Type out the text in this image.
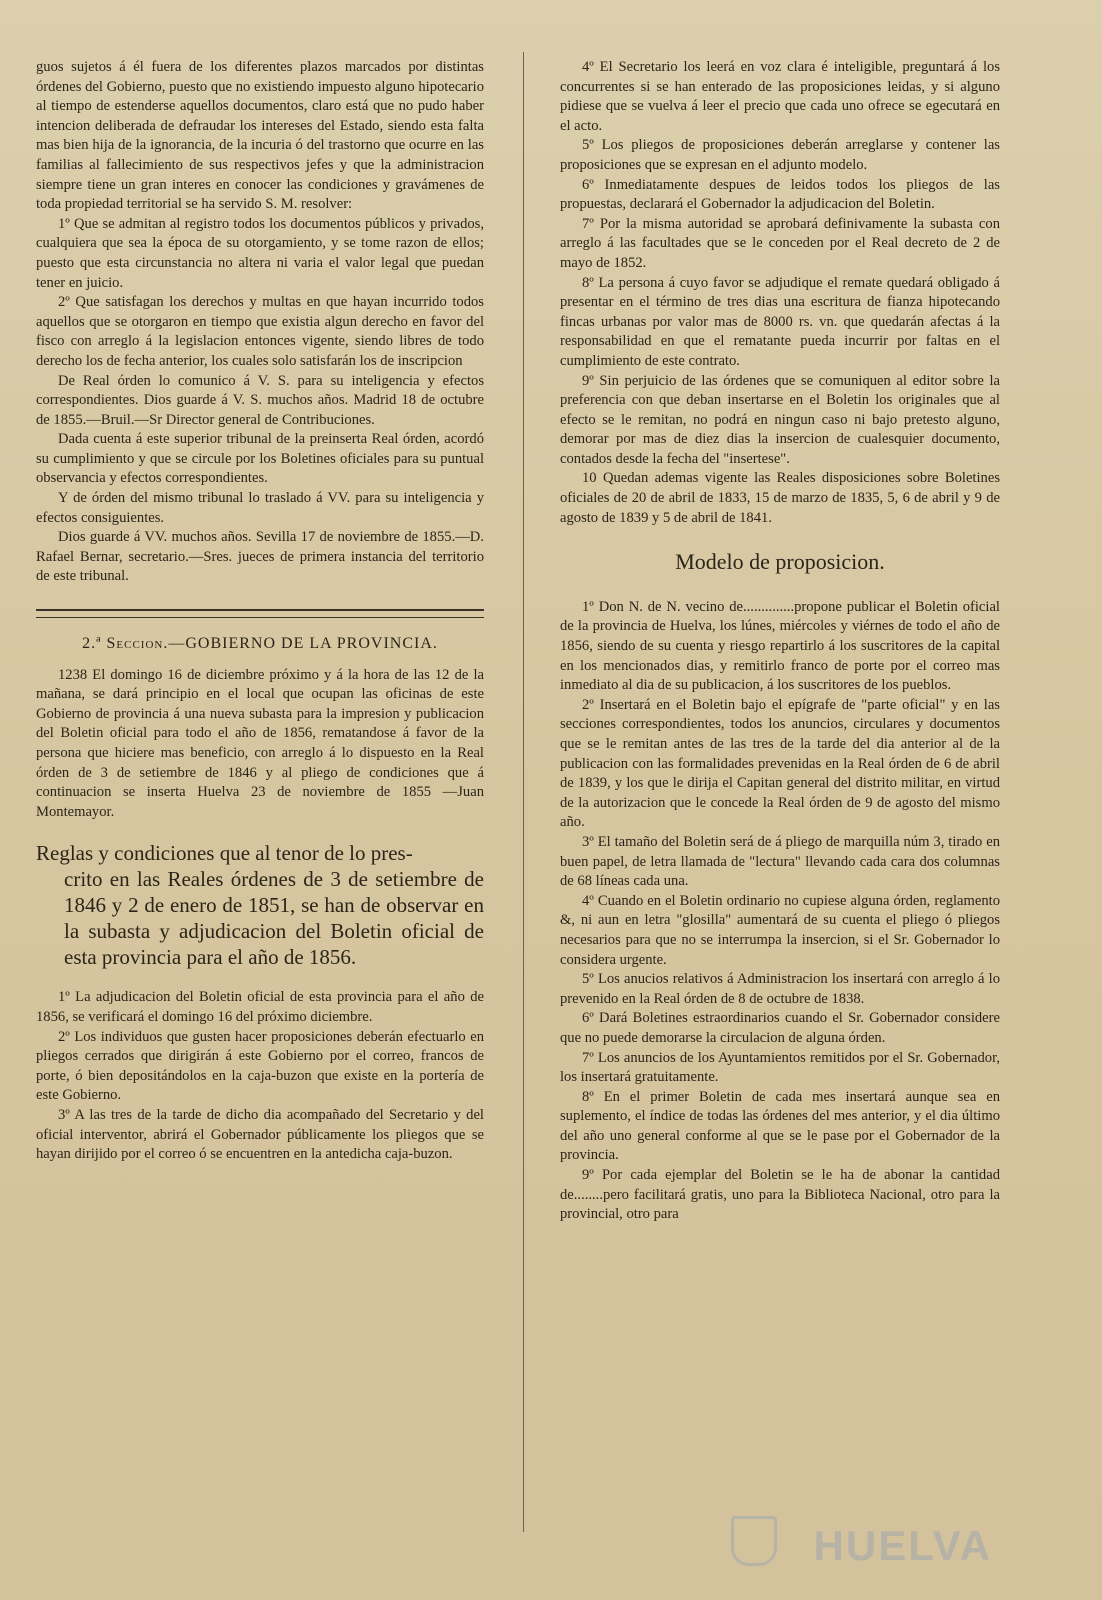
guos sujetos á él fuera de los diferentes plazos marcados por distintas órdenes del Gobierno, puesto que no existiendo impuesto alguno hipotecario al tiempo de estenderse aquellos documentos, claro está que no pudo haber intencion deliberada de defraudar los intereses del Estado, siendo esta falta mas bien hija de la ignorancia, de la incuria ó del trastorno que ocurre en las familias al fallecimiento de sus respectivos jefes y que la administracion siempre tiene un gran interes en conocer las condiciones y gravámenes de toda propiedad territorial se ha servido S. M. resolver:

1º Que se admitan al registro todos los documentos públicos y privados, cualquiera que sea la época de su otorgamiento, y se tome razon de ellos; puesto que esta circunstancia no altera ni varia el valor legal que puedan tener en juicio.

2º Que satisfagan los derechos y multas en que hayan incurrido todos aquellos que se otorgaron en tiempo que existia algun derecho en favor del fisco con arreglo á la legislacion entonces vigente, siendo libres de todo derecho los de fecha anterior, los cuales solo satisfarán los de inscripcion

De Real órden lo comunico á V. S. para su inteligencia y efectos correspondientes. Dios guarde á V. S. muchos años. Madrid 18 de octubre de 1855.—Bruil.—Sr Director general de Contribuciones.

Dada cuenta á este superior tribunal de la preinserta Real órden, acordó su cumplimiento y que se circule por los Boletines oficiales para su puntual observancia y efectos correspondientes.

Y de órden del mismo tribunal lo traslado á VV. para su inteligencia y efectos consiguientes.

Dios guarde á VV. muchos años. Sevilla 17 de noviembre de 1855.—D. Rafael Bernar, secretario.—Sres. jueces de primera instancia del territorio de este tribunal.

2.ª Seccion.—GOBIERNO DE LA PROVINCIA.

1238 El domingo 16 de diciembre próximo y á la hora de las 12 de la mañana, se dará principio en el local que ocupan las oficinas de este Gobierno de provincia á una nueva subasta para la impresion y publicacion del Boletin oficial para todo el año de 1856, rematandose á favor de la persona que hiciere mas beneficio, con arreglo á lo dispuesto en la Real órden de 3 de setiembre de 1846 y al pliego de condiciones que á continuacion se inserta Huelva 23 de noviembre de 1855 —Juan Montemayor.

Reglas y condiciones que al tenor de lo pres-
crito en las Reales órdenes de 3 de setiembre de 1846 y 2 de enero de 1851, se han de observar en la subasta y adjudicacion del Boletin oficial de esta provincia para el año de 1856.

1º La adjudicacion del Boletin oficial de esta provincia para el año de 1856, se verificará el domingo 16 del próximo diciembre.

2º Los individuos que gusten hacer proposiciones deberán efectuarlo en pliegos cerrados que dirigirán á este Gobierno por el correo, francos de porte, ó bien depositándolos en la caja-buzon que existe en la portería de este Gobierno.

3º A las tres de la tarde de dicho dia acompañado del Secretario y del oficial interventor, abrirá el Gobernador públicamente los pliegos que se hayan dirijido por el correo ó se encuentren en la antedicha caja-buzon.

4º El Secretario los leerá en voz clara é inteligible, preguntará á los concurrentes si se han enterado de las proposiciones leidas, y si alguno pidiese que se vuelva á leer el precio que cada uno ofrece se egecutará en el acto.

5º Los pliegos de proposiciones deberán arreglarse y contener las proposiciones que se expresan en el adjunto modelo.

6º Inmediatamente despues de leidos todos los pliegos de las propuestas, declarará el Gobernador la adjudicacion del Boletin.

7º Por la misma autoridad se aprobará definivamente la subasta con arreglo á las facultades que se le conceden por el Real decreto de 2 de mayo de 1852.

8º La persona á cuyo favor se adjudique el remate quedará obligado á presentar en el término de tres dias una escritura de fianza hipotecando fincas urbanas por valor mas de 8000 rs. vn. que quedarán afectas á la responsabilidad en que el rematante pueda incurrir por faltas en el cumplimiento de este contrato.

9º Sin perjuicio de las órdenes que se comuniquen al editor sobre la preferencia con que deban insertarse en el Boletin los originales que al efecto se le remitan, no podrá en ningun caso ni bajo pretesto alguno, demorar por mas de diez dias la insercion de cualesquier documento, contados desde la fecha del "insertese".

10 Quedan ademas vigente las Reales disposiciones sobre Boletines oficiales de 20 de abril de 1833, 15 de marzo de 1835, 5, 6 de abril y 9 de agosto de 1839 y 5 de abril de 1841.

Modelo de proposicion.

1º Don N. de N. vecino de..............propone publicar el Boletin oficial de la provincia de Huelva, los lúnes, miércoles y viérnes de todo el año de 1856, siendo de su cuenta y riesgo repartirlo á los suscritores de la capital en los mencionados dias, y remitirlo franco de porte por el correo mas inmediato al dia de su publicacion, á los suscritores de los pueblos.

2º Insertará en el Boletin bajo el epígrafe de "parte oficial" y en las secciones correspondientes, todos los anuncios, circulares y documentos que se le remitan antes de las tres de la tarde del dia anterior al de la publicacion con las formalidades prevenidas en la Real órden de 6 de abril de 1839, y los que le dirija el Capitan general del distrito militar, en virtud de la autorizacion que le concede la Real órden de 9 de agosto del mismo año.

3º El tamaño del Boletin será de á pliego de marquilla núm 3, tirado en buen papel, de letra llamada de "lectura" llevando cada cara dos columnas de 68 líneas cada una.

4º Cuando en el Boletin ordinario no cupiese alguna órden, reglamento &, ni aun en letra "glosilla" aumentará de su cuenta el pliego ó pliegos necesarios para que no se interrumpa la insercion, si el Sr. Gobernador lo considera urgente.

5º Los anucios relativos á Administracion los insertará con arreglo á lo prevenido en la Real órden de 8 de octubre de 1838.

6º Dará Boletines estraordinarios cuando el Sr. Gobernador considere que no puede demorarse la circulacion de alguna órden.

7º Los anuncios de los Ayuntamientos remitidos por el Sr. Gobernador, los insertará gratuitamente.

8º En el primer Boletin de cada mes insertará aunque sea en suplemento, el índice de todas las órdenes del mes anterior, y el dia último del año uno general conforme al que se le pase por el Gobernador de la provincia.

9º Por cada ejemplar del Boletin se le ha de abonar la cantidad de........pero facilitará gratis, uno para la Biblioteca Nacional, otro para la provincial, otro para

HUELVA
